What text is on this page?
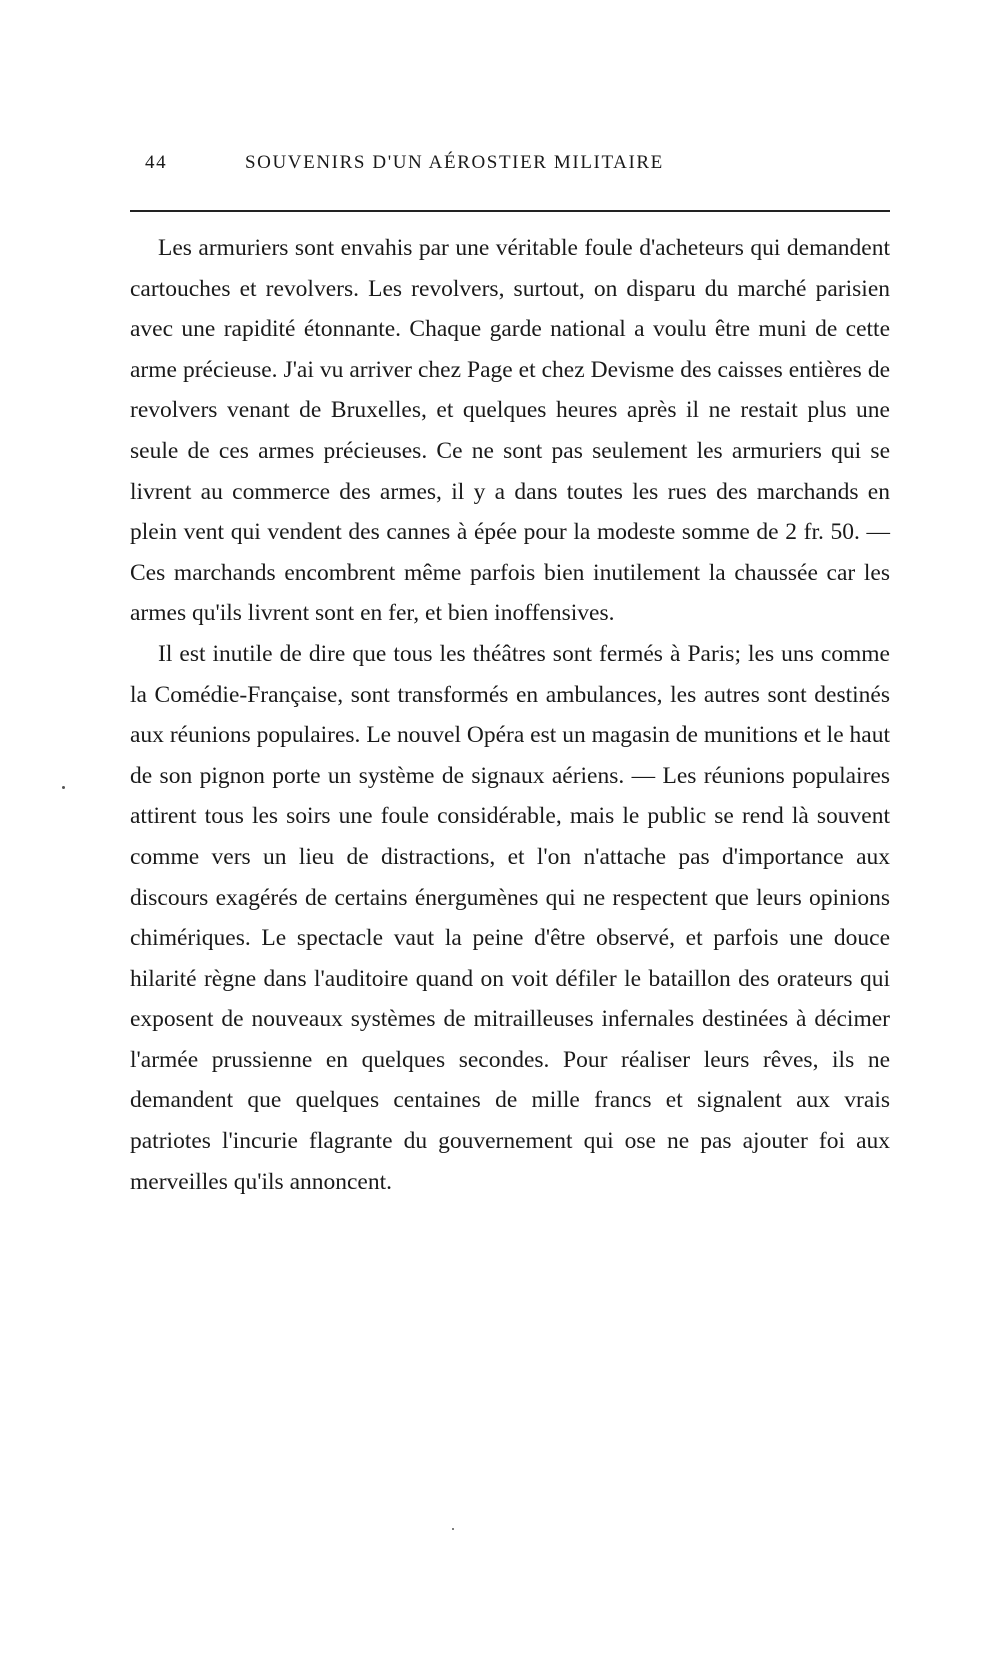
44	SOUVENIRS D'UN AÉROSTIER MILITAIRE

Les armuriers sont envahis par une véritable foule d'acheteurs qui demandent cartouches et revolvers. Les revolvers, surtout, on disparu du marché parisien avec une rapidité étonnante. Chaque garde national a voulu être muni de cette arme précieuse. J'ai vu arriver chez Page et chez Devisme des caisses entières de revolvers venant de Bruxelles, et quelques heures après il ne restait plus une seule de ces armes précieuses. Ce ne sont pas seulement les armuriers qui se livrent au commerce des armes, il y a dans toutes les rues des marchands en plein vent qui vendent des cannes à épée pour la modeste somme de 2 fr. 50. — Ces marchands encombrent même parfois bien inutilement la chaussée car les armes qu'ils livrent sont en fer, et bien inoffensives.

Il est inutile de dire que tous les théâtres sont fermés à Paris; les uns comme la Comédie-Française, sont transformés en ambulances, les autres sont destinés aux réunions populaires. Le nouvel Opéra est un magasin de munitions et le haut de son pignon porte un système de signaux aériens. — Les réunions populaires attirent tous les soirs une foule considérable, mais le public se rend là souvent comme vers un lieu de distractions, et l'on n'attache pas d'importance aux discours exagérés de certains énergumènes qui ne respectent que leurs opinions chimériques. Le spectacle vaut la peine d'être observé, et parfois une douce hilarité règne dans l'auditoire quand on voit défiler le bataillon des orateurs qui exposent de nouveaux systèmes de mitrailleuses infernales destinées à décimer l'armée prussienne en quelques secondes. Pour réaliser leurs rêves, ils ne demandent que quelques centaines de mille francs et signalent aux vrais patriotes l'incurie flagrante du gouvernement qui ose ne pas ajouter foi aux merveilles qu'ils annoncent.
